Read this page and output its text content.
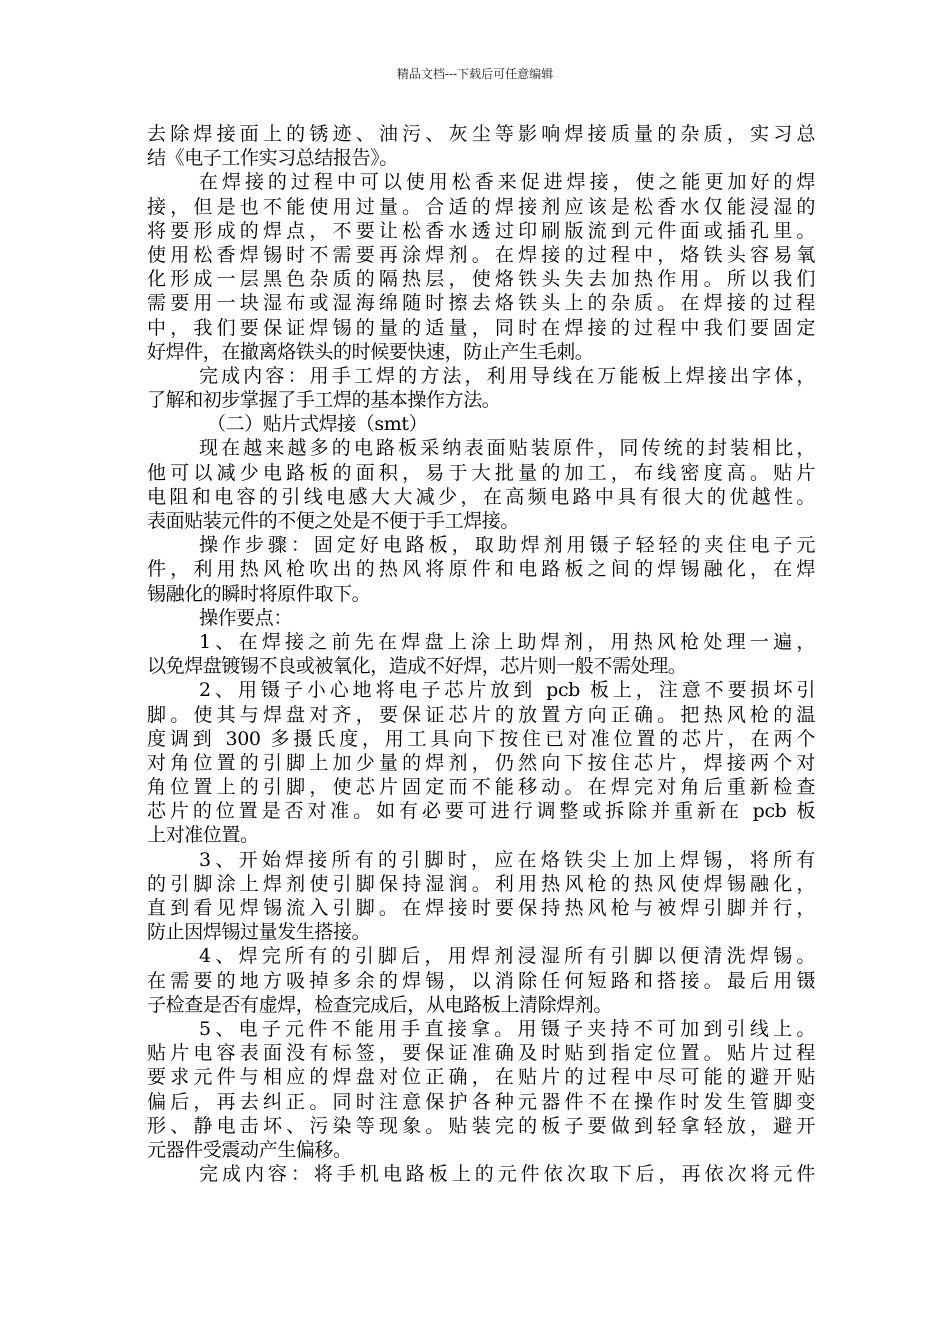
精品文档---下载后可任意编辑
去除焊接面上的锈迹、油污、灰尘等影响焊接质量的杂质，实习总
结《电子工作实习总结报告》。
在焊接的过程中可以使用松香来促进焊接，使之能更加好的焊
接，但是也不能使用过量。合适的焊接剂应该是松香水仅能浸湿的
将要形成的焊点，不要让松香水透过印刷版流到元件面或插孔里。
使用松香焊锡时不需要再涂焊剂。在焊接的过程中，烙铁头容易氧
化形成一层黑色杂质的隔热层，使烙铁头失去加热作用。所以我们
需要用一块湿布或湿海绵随时擦去烙铁头上的杂质。在焊接的过程
中，我们要保证焊锡的量的适量，同时在焊接的过程中我们要固定
好焊件，在撤离烙铁头的时候要快速，防止产生毛刺。
完成内容：用手工焊的方法，利用导线在万能板上焊接出字体，
了解和初步掌握了手工焊的基本操作方法。
（二）贴片式焊接（smt）
现在越来越多的电路板采纳表面贴装原件，同传统的封装相比，
他可以减少电路板的面积，易于大批量的加工，布线密度高。贴片
电阻和电容的引线电感大大减少，在高频电路中具有很大的优越性。
表面贴装元件的不便之处是不便于手工焊接。
操作步骤：固定好电路板，取助焊剂用镊子轻轻的夹住电子元
件，利用热风枪吹出的热风将原件和电路板之间的焊锡融化，在焊
锡融化的瞬时将原件取下。
操作要点：
1、在焊接之前先在焊盘上涂上助焊剂，用热风枪处理一遍，
以免焊盘镀锡不良或被氧化，造成不好焊，芯片则一般不需处理。
2、用镊子小心地将电子芯片放到 pcb 板上，注意不要损坏引
脚。使其与焊盘对齐，要保证芯片的放置方向正确。把热风枪的温
度调到 300 多摄氏度，用工具向下按住已对准位置的芯片，在两个
对角位置的引脚上加少量的焊剂，仍然向下按住芯片，焊接两个对
角位置上的引脚，使芯片固定而不能移动。在焊完对角后重新检查
芯片的位置是否对准。如有必要可进行调整或拆除并重新在 pcb 板
上对准位置。
3、开始焊接所有的引脚时，应在烙铁尖上加上焊锡，将所有
的引脚涂上焊剂使引脚保持湿润。利用热风枪的热风使焊锡融化，
直到看见焊锡流入引脚。在焊接时要保持热风枪与被焊引脚并行，
防止因焊锡过量发生搭接。
4、焊完所有的引脚后，用焊剂浸湿所有引脚以便清洗焊锡。
在需要的地方吸掉多余的焊锡，以消除任何短路和搭接。最后用镊
子检查是否有虚焊，检查完成后，从电路板上清除焊剂。
5、电子元件不能用手直接拿。用镊子夹持不可加到引线上。
贴片电容表面没有标签，要保证准确及时贴到指定位置。贴片过程
要求元件与相应的焊盘对位正确，在贴片的过程中尽可能的避开贴
偏后，再去纠正。同时注意保护各种元器件不在操作时发生管脚变
形、静电击坏、污染等现象。贴装完的板子要做到轻拿轻放，避开
元器件受震动产生偏移。
完成内容：将手机电路板上的元件依次取下后，再依次将元件
